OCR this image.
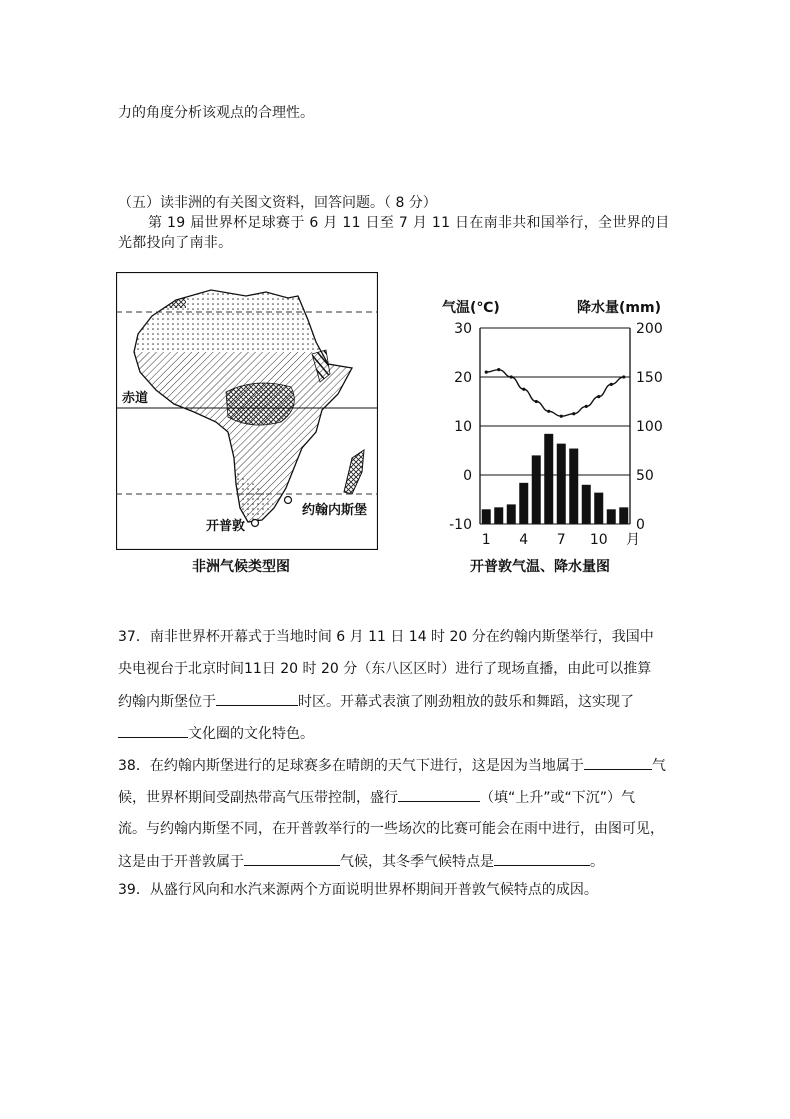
力的角度分析该观点的合理性。
（五）读非洲的有关图文资料，回答问题。（ 8 分）
第 19 届世界杯足球赛于 6 月 11 日至 7 月 11 日在南非共和国举行，全世界的目光都投向了南非。
赤道
约翰内斯堡
开普敦
非洲气候类型图
气温(℃)	降水量(mm)
30	200
20	150
10	100
0	50
-10	0
1 4 7 10 月
开普敦气温、降水量图
37．南非世界杯开幕式于当地时间 6 月 11 日 14 时 20 分在约翰内斯堡举行，我国中
央电视台于北京时间11日 20 时 20 分（东八区区时）进行了现场直播，由此可以推算
约翰内斯堡位于	时区。开幕式表演了刚劲粗放的鼓乐和舞蹈，这实现了
文化圈的文化特色。
38．在约翰内斯堡进行的足球赛多在晴朗的天气下进行，这是因为当地属于	气
候，世界杯期间受副热带高气压带控制，盛行	（填“上升”或“下沉”）气
流。与约翰内斯堡不同，在开普敦举行的一些场次的比赛可能会在雨中进行，由图可见，
这是由于开普敦属于	气候，其冬季气候特点是	。
39．从盛行风向和水汽来源两个方面说明世界杯期间开普敦气候特点的成因。
